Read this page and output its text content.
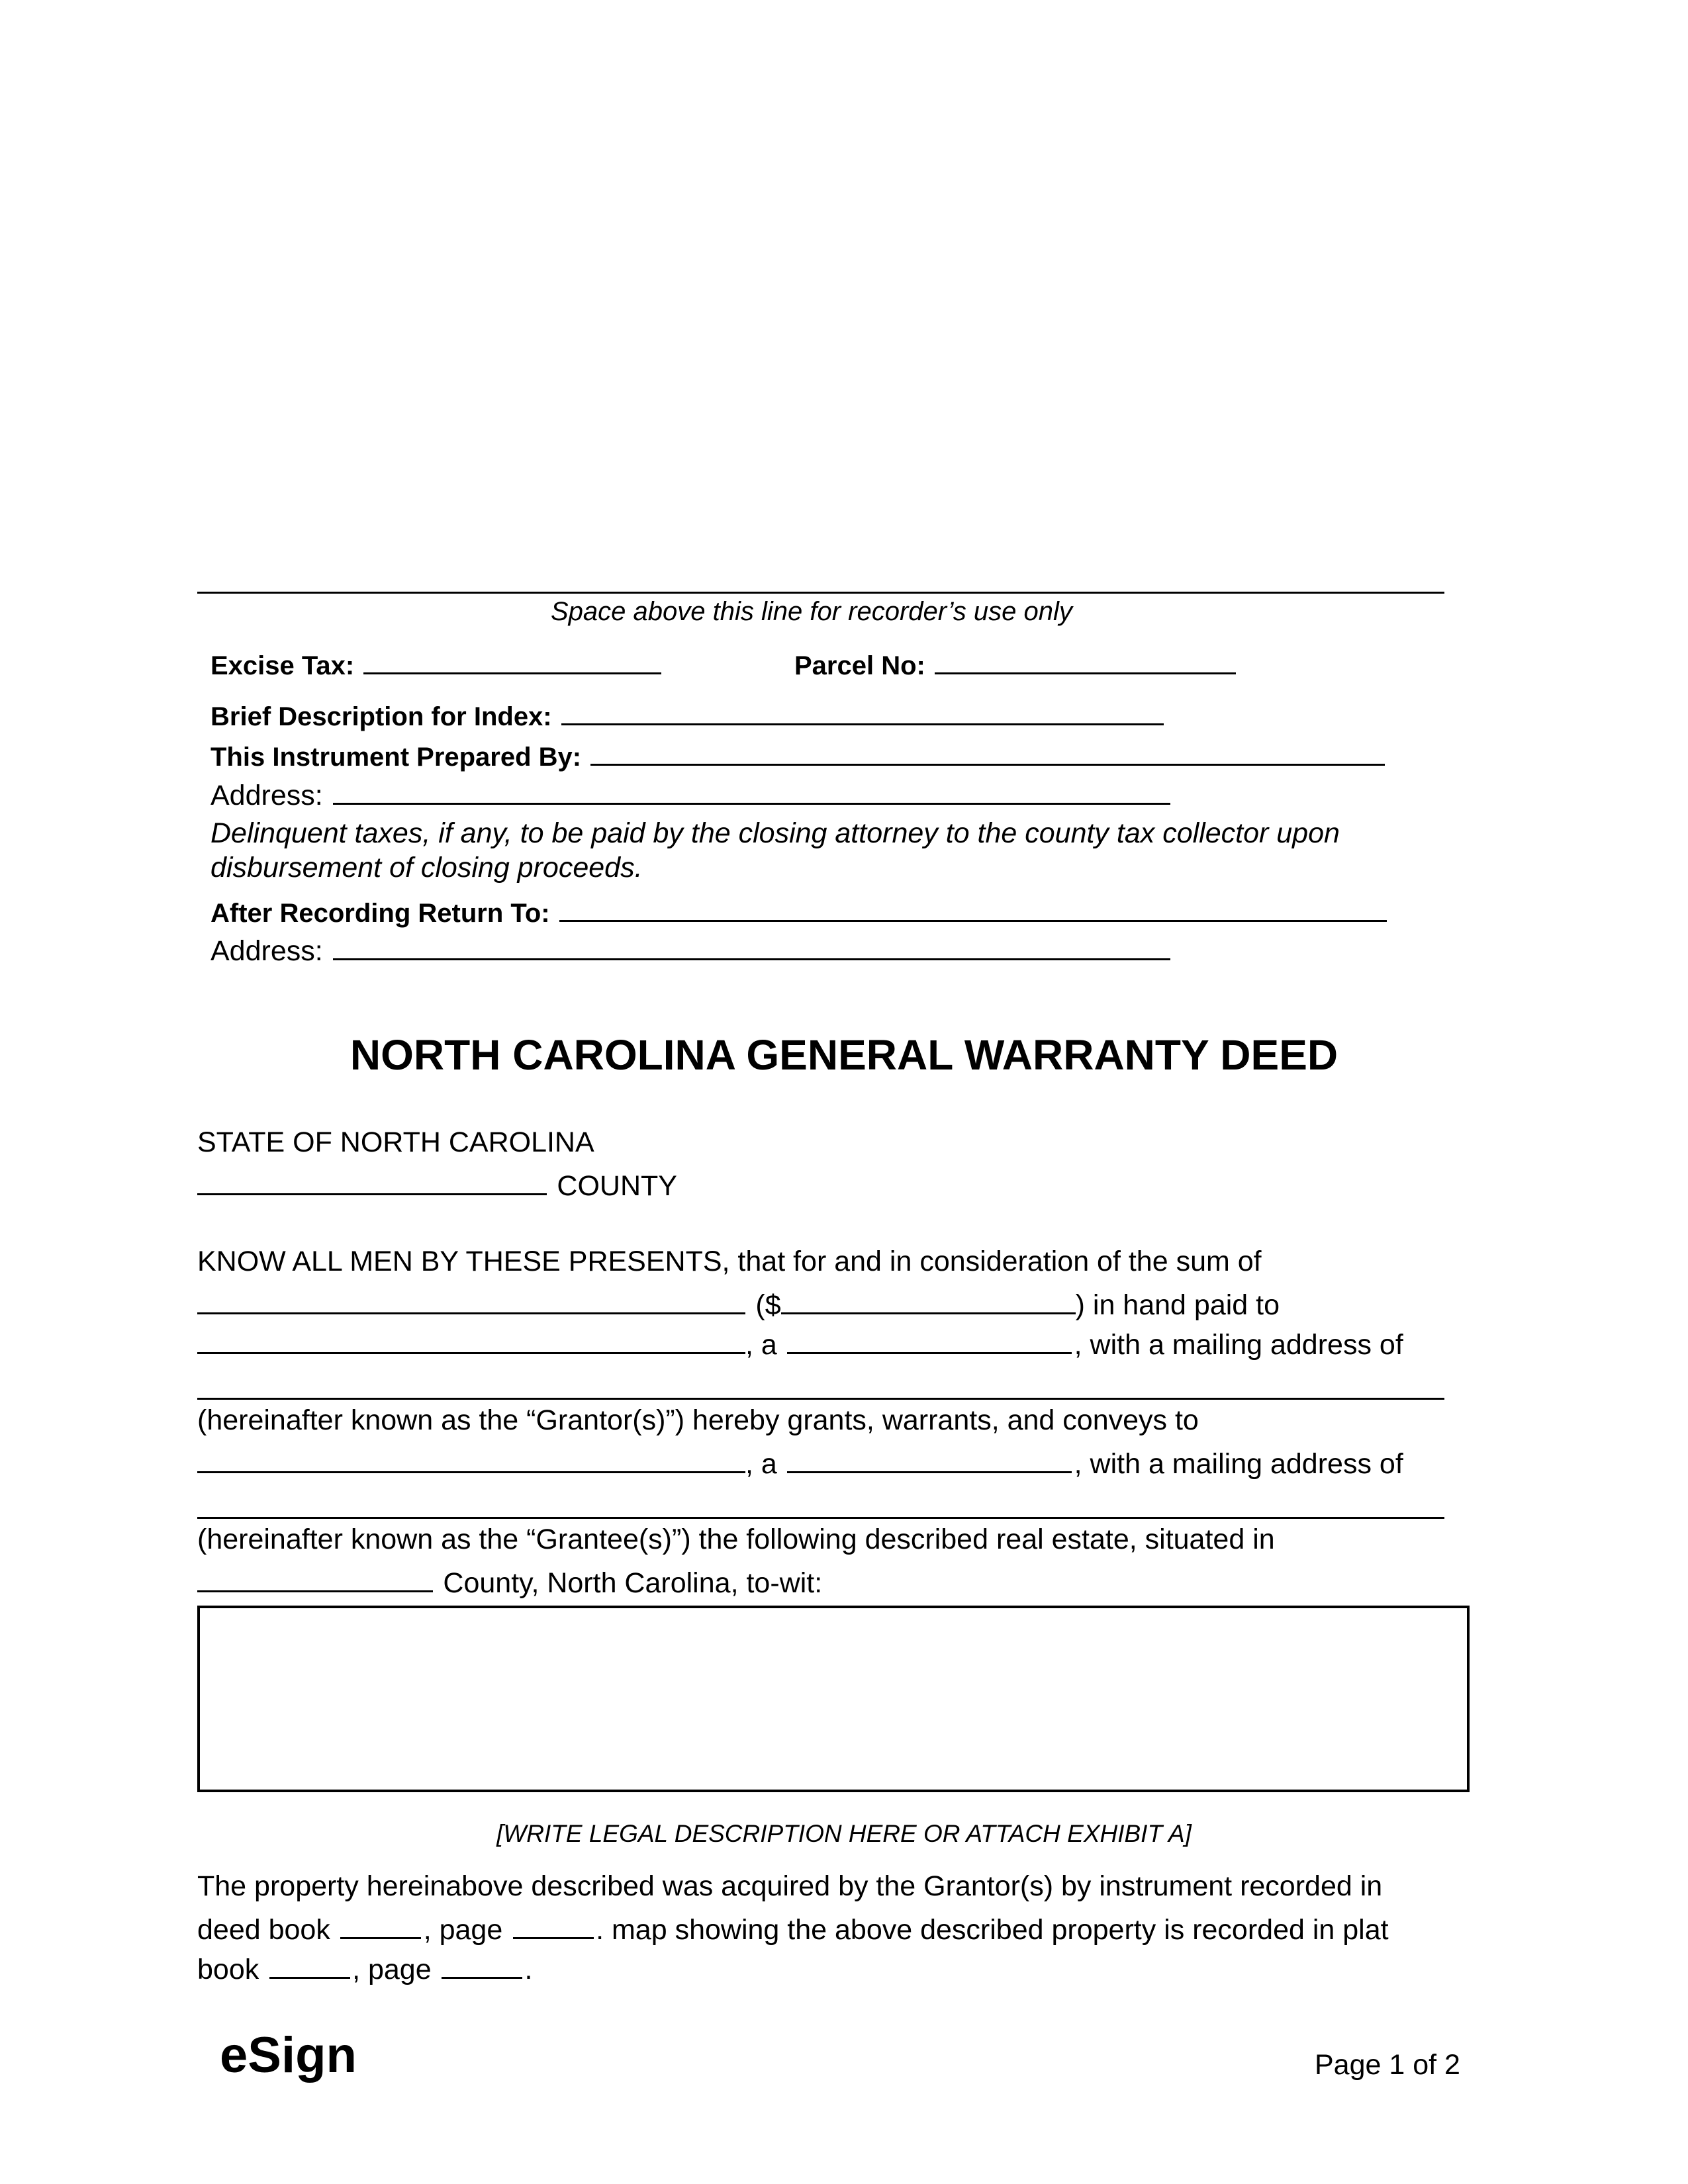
Space above this line for recorder’s use only
Excise Tax:	Parcel No:
Brief Description for Index:
This Instrument Prepared By:
Address:
Delinquent taxes, if any, to be paid by the closing attorney to the county tax collector upon
disbursement of closing proceeds.
After Recording Return To:
Address:
NORTH CAROLINA GENERAL WARRANTY DEED
STATE OF NORTH CAROLINA
COUNTY
KNOW ALL MEN BY THESE PRESENTS, that for and in consideration of the sum of
($	) in hand paid to
, a	, with a mailing address of
(hereinafter known as the “Grantor(s)”) hereby grants, warrants, and conveys to
, a	, with a mailing address of
(hereinafter known as the “Grantee(s)”) the following described real estate, situated in
County, North Carolina, to-wit:
[WRITE LEGAL DESCRIPTION HERE OR ATTACH EXHIBIT A]
The property hereinabove described was acquired by the Grantor(s) by instrument recorded in
deed book	, page	. map showing the above described property is recorded in plat
book	, page	.
eSign	Page 1 of 2
